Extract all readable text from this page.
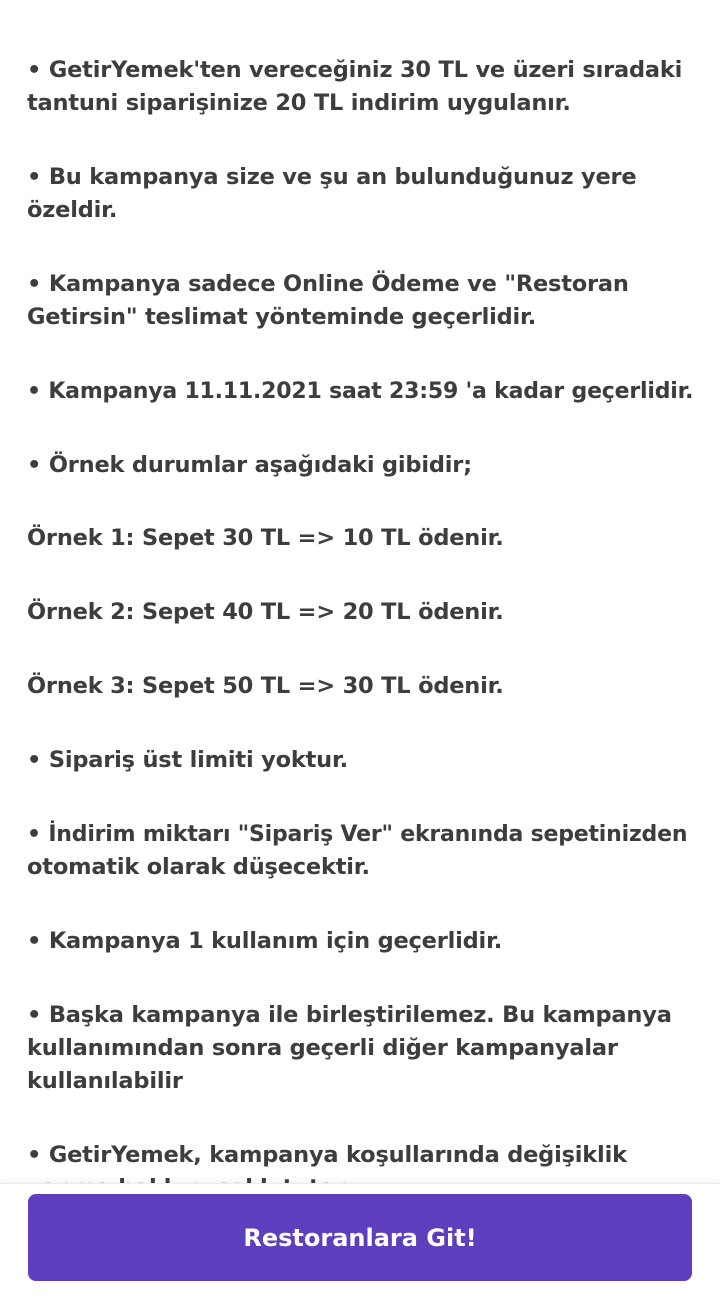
• GetirYemek'ten vereceğiniz 30 TL ve üzeri sıradaki
tantuni siparişinize 20 TL indirim uygulanır.

• Bu kampanya size ve şu an bulunduğunuz yere
özeldir.

• Kampanya sadece Online Ödeme ve "Restoran
Getirsin" teslimat yönteminde geçerlidir.

• Kampanya 11.11.2021 saat 23:59 'a kadar geçerlidir.

• Örnek durumlar aşağıdaki gibidir;

Örnek 1: Sepet 30 TL => 10 TL ödenir.

Örnek 2: Sepet 40 TL => 20 TL ödenir.

Örnek 3: Sepet 50 TL => 30 TL ödenir.

• Sipariş üst limiti yoktur.

• İndirim miktarı "Sipariş Ver" ekranında sepetinizden
otomatik olarak düşecektir.

• Kampanya 1 kullanım için geçerlidir.

• Başka kampanya ile birleştirilemez. Bu kampanya
kullanımından sonra geçerli diğer kampanyalar
kullanılabilir

• GetirYemek, kampanya koşullarında değişiklik

Restoranlara Git!
